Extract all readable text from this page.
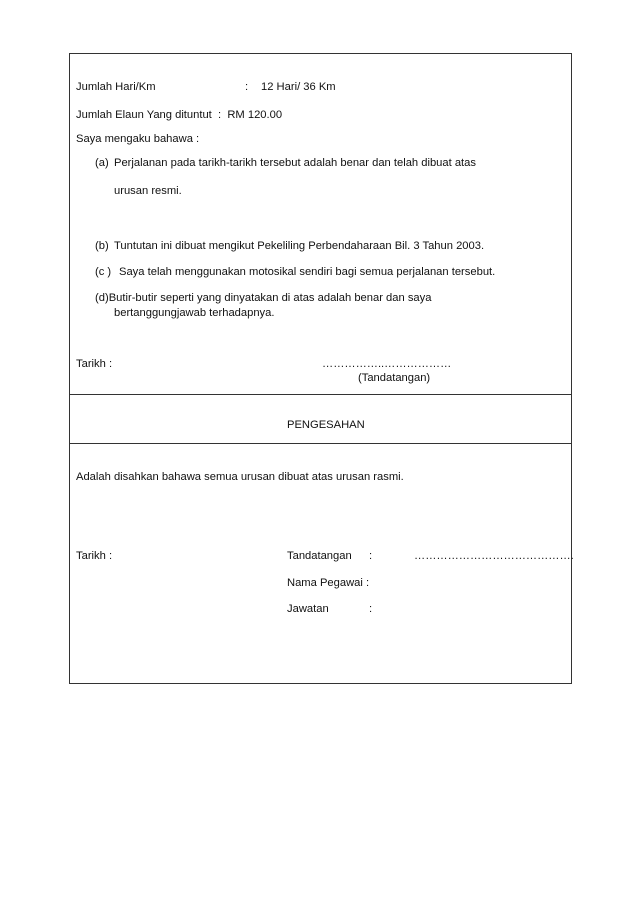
Jumlah Hari/Km	: 12 Hari/ 36 Km
Jumlah Elaun Yang dituntut : RM 120.00
Saya mengaku bahawa :
(a) Perjalanan pada tarikh-tarikh tersebut adalah benar dan telah dibuat atas
urusan resmi.
(b) Tuntutan ini dibuat mengikut Pekeliling Perbendaharaan Bil. 3 Tahun 2003.
(c ) Saya telah menggunakan motosikal sendiri bagi semua perjalanan tersebut.
(d)Butir-butir seperti yang dinyatakan di atas adalah benar dan saya
bertanggungjawab terhadapnya.
Tarikh :	……………..………………
(Tandatangan)
PENGESAHAN
Adalah disahkan bahawa semua urusan dibuat atas urusan rasmi.
Tarikh :	Tandatangan :	…………………………………….
Nama Pegawai :
Jawatan	:
